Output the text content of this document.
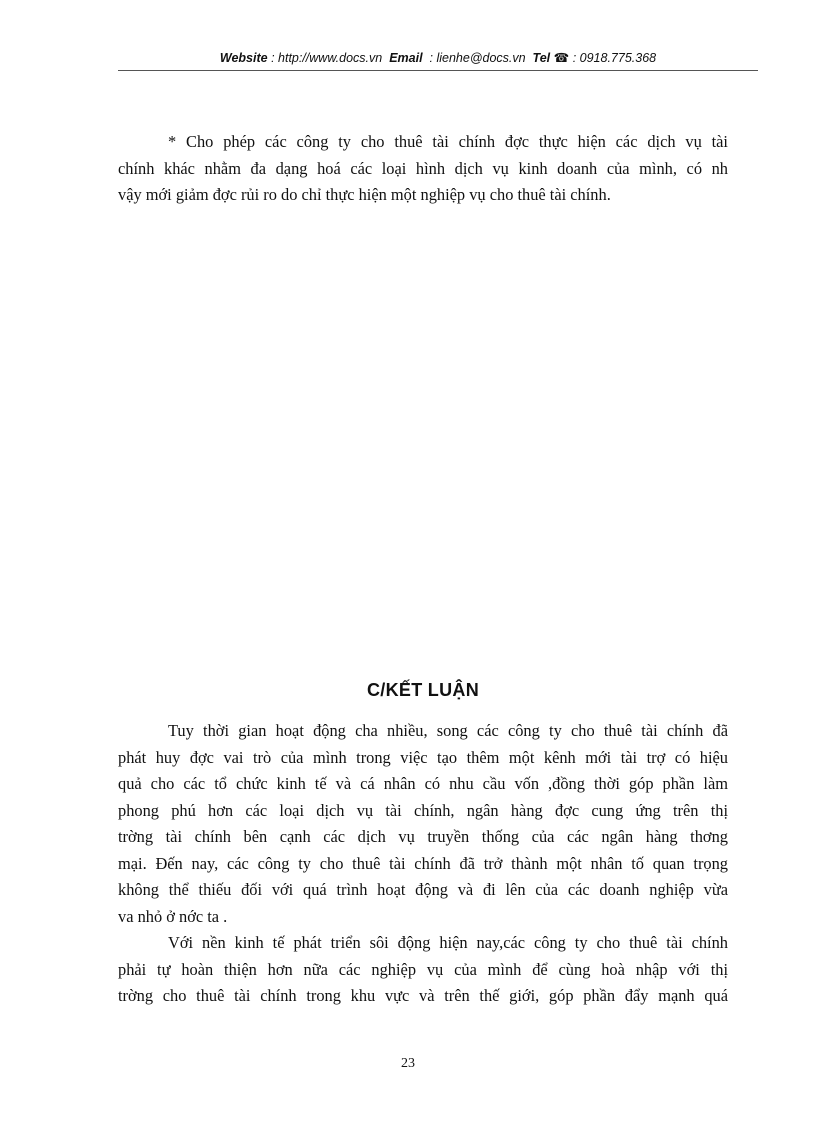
Website : http://www.docs.vn Email  : lienhe@docs.vn Tel ☎ : 0918.775.368
* Cho phép các công ty cho thuê tài chính đợc thực hiện các dịch vụ tài
chính khác nhằm đa dạng hoá các loại hình dịch vụ kinh doanh của mình, có nh
vậy mới giảm đợc rủi ro do chỉ thực hiện một nghiệp vụ cho thuê tài chính.
C/KẾT LUẬN
Tuy thời gian hoạt động cha nhiều, song các công ty cho thuê tài chính đã
phát huy đợc vai trò của mình trong việc tạo thêm một kênh mới tài trợ có hiệu
quả cho các tổ chức kinh tế và cá nhân có nhu cầu vốn ,đồng thời góp phần làm
phong phú hơn các loại dịch vụ tài chính, ngân hàng đợc cung ứng trên thị
trờng tài chính bên cạnh các dịch vụ truyền thống của các ngân hàng thơng
mại. Đến nay, các công ty cho thuê tài chính đã trở thành một nhân tố quan trọng
không thể thiếu đối với quá trình hoạt động và đi lên của các doanh nghiệp vừa
va nhỏ ở nớc ta .
Với nền kinh tế phát triển sôi động hiện nay,các công ty cho thuê tài chính
phải tự hoàn thiện hơn nữa các nghiệp vụ của mình để cùng hoà nhập với thị
trờng cho thuê tài chính trong khu vực và trên thế giới, góp phần đẩy mạnh quá
23
